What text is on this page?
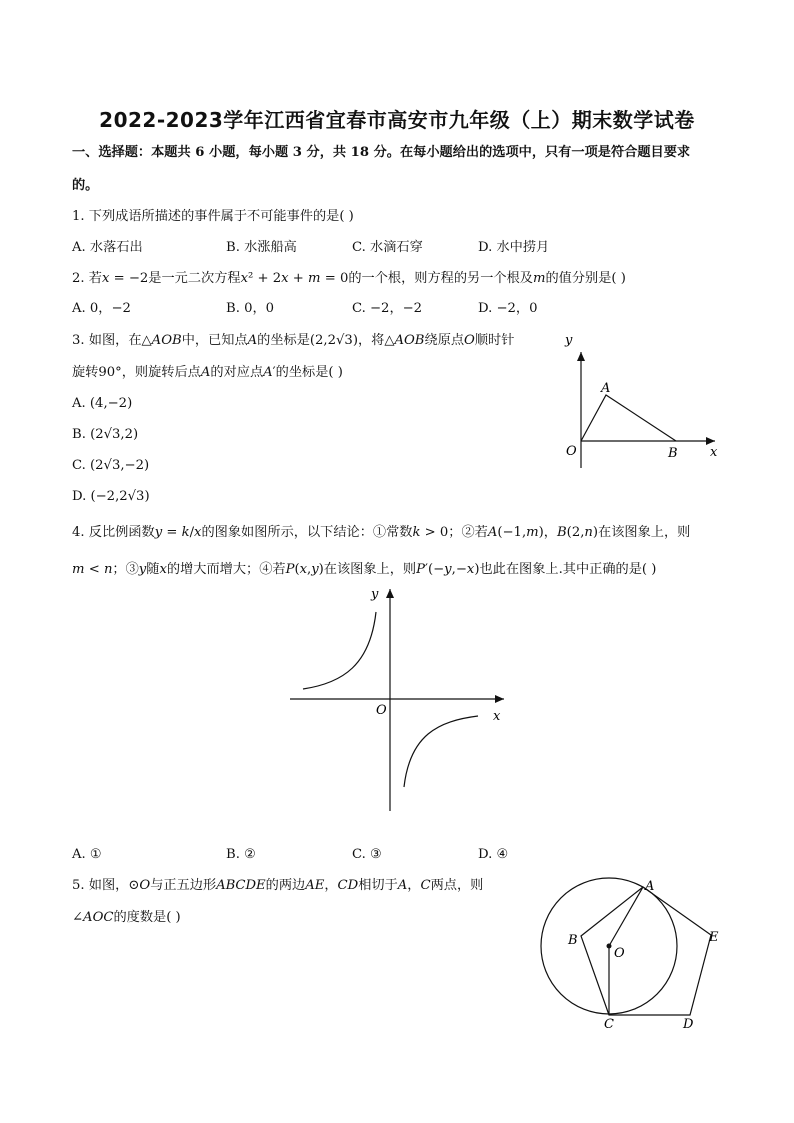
2022-2023学年江西省宜春市高安市九年级（上）期末数学试卷
一、选择题：本题共 6 小题，每小题 3 分，共 18 分。在每小题给出的选项中，只有一项是符合题目要求
的。
1. 下列成语所描述的事件属于不可能事件的是( )
A. 水落石出	B. 水涨船高	C. 水滴石穿	D. 水中捞月
2. 若𝑥 = −2是一元二次方程𝑥² + 2𝑥 + 𝑚 = 0的一个根，则方程的另一个根及𝑚的值分别是( )
A. 0，−2	B. 0，0	C. −2，−2	D. −2，0
3. 如图，在△𝐴𝑂𝐵中，已知点𝐴的坐标是(2,2√3)，将△𝐴𝑂𝐵绕原点𝑂顺时针
旋转90°，则旋转后点𝐴的对应点𝐴′的坐标是( )
A. (4,−2)
B. (2√3,2)
C. (2√3,−2)
D. (−2,2√3)
y
x
O
A
B
4. 反比例函数𝑦 = 𝑘/𝑥的图象如图所示，以下结论：①常数𝑘 > 0；②若𝐴(−1,𝑚)，𝐵(2,𝑛)在该图象上，则
𝑚 < 𝑛；③𝑦随𝑥的增大而增大；④若𝑃(𝑥,𝑦)在该图象上，则𝑃′(−𝑦,−𝑥)也此在图象上.其中正确的是( )
y
x
O
A. ①	B. ②	C. ③	D. ④
5. 如图，⊙𝑂与正五边形𝐴𝐵𝐶𝐷𝐸的两边𝐴𝐸，𝐶𝐷相切于𝐴，𝐶两点，则
∠𝐴𝑂𝐶的度数是( )
A
B
C	D
E
O
